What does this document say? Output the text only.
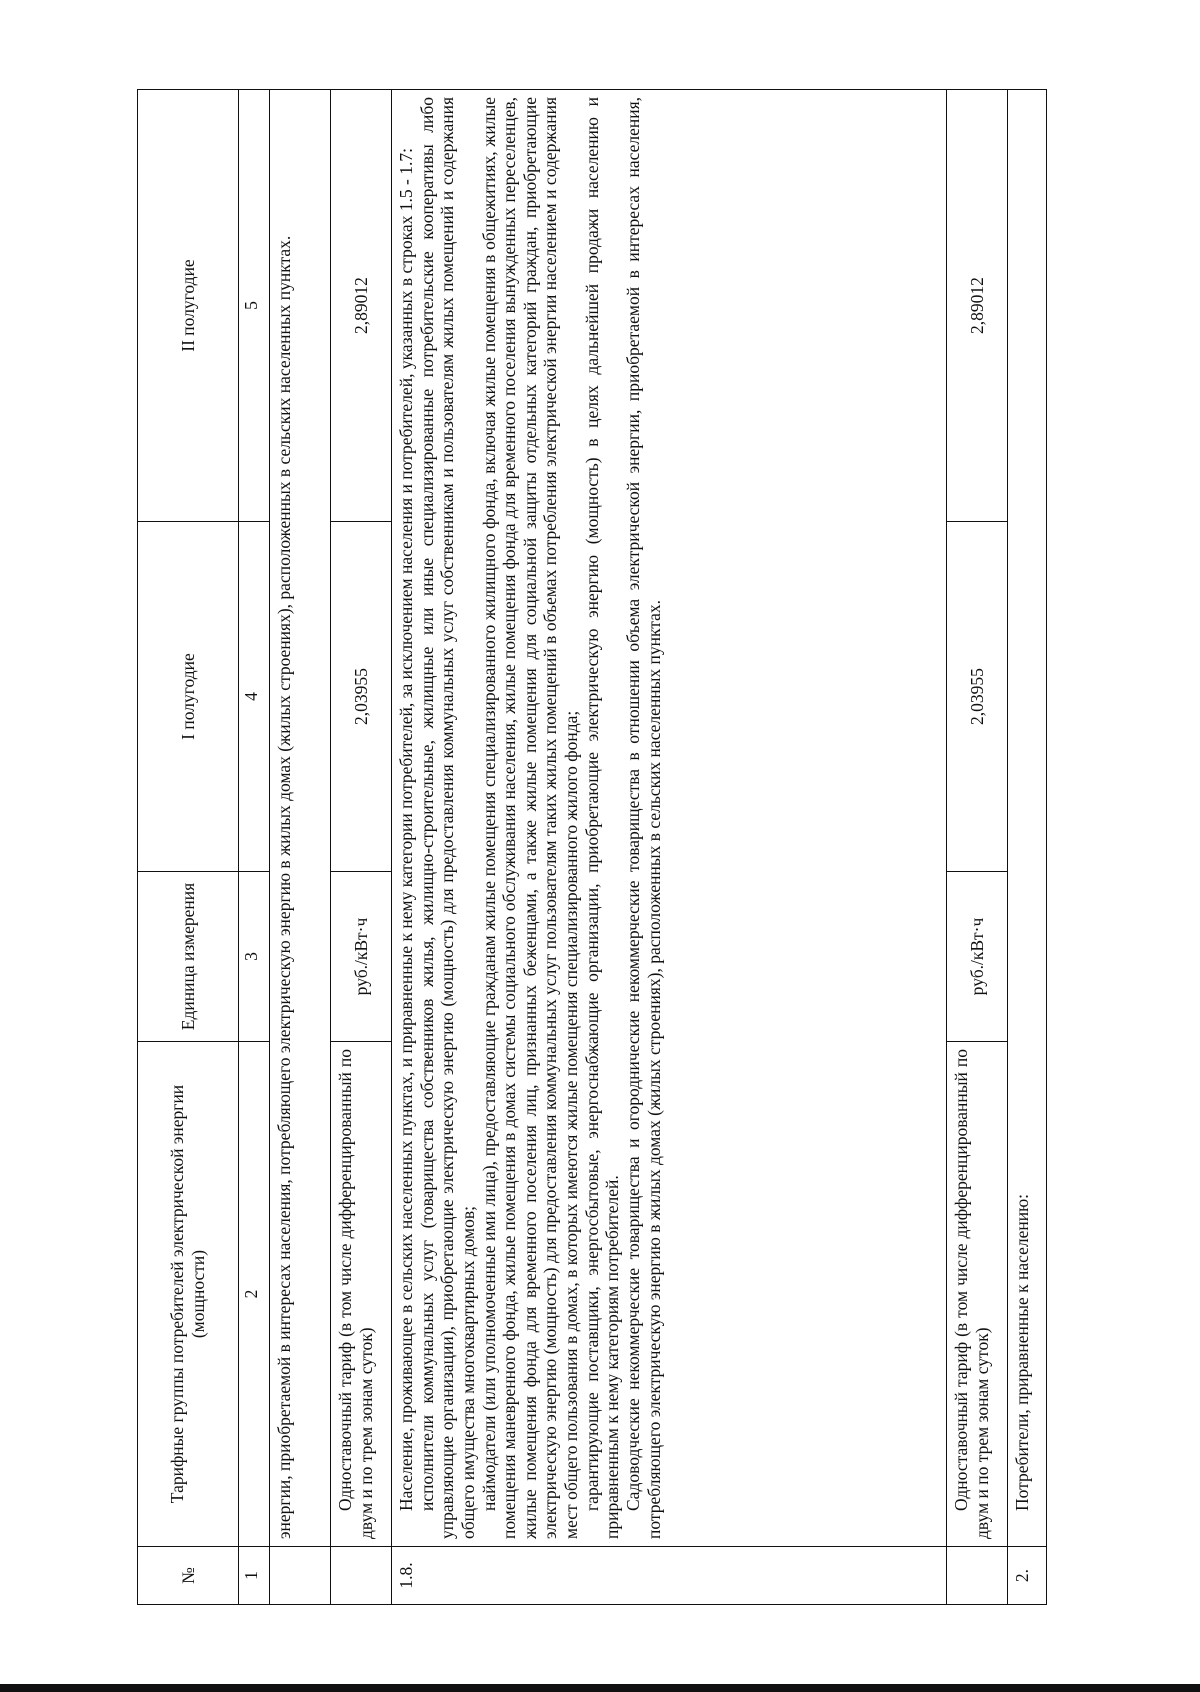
№	Тарифные группы потребителей электрической энергии (мощности)	Единица измерения	I полугодие	II полугодие
1	2	3	4	5
	энергии, приобретаемой в интересах населения, потребляющего электрическую энергию в жилых домах (жилых строениях), расположенных в сельских населенных пунктах.			
	Одноставочный тариф (в том числе дифференцированный по двум и по трем зонам суток)	руб./кВт·ч	2,03955	2,89012
1.8.	Население, проживающее в сельских населенных пунктах, и приравненные к нему категории потребителей, за исключением населения и потребителей, указанных в строках 1.5 - 1.7: исполнители коммунальных услуг (товарищества собственников жилья, жилищно-строительные, жилищные или иные специализированные потребительские кооперативы либо управляющие организации), приобретающие электрическую энергию (мощность) для предоставления коммунальных услуг собственникам и пользователям жилых помещений и содержания общего имущества многоквартирных домов; наймодатели (или уполномоченные ими лица), предоставляющие гражданам жилые помещения специализированного жилищного фонда, включая жилые помещения в общежитиях, жилые помещения маневренного фонда, жилые помещения в домах системы социального обслуживания населения, жилые помещения фонда для временного поселения вынужденных переселенцев, жилые помещения фонда для временного поселения лиц, признанных беженцами, а также жилые помещения для социальной защиты отдельных категорий граждан, приобретающие электрическую энергию (мощность) для предоставления коммунальных услуг пользователям таких жилых помещений в объемах потребления электрической энергии населением и содержания мест общего пользования в домах, в которых имеются жилые помещения специализированного жилого фонда; гарантирующие поставщики, энергосбытовые, энергоснабжающие организации, приобретающие электрическую энергию (мощность) в целях дальнейшей продажи населению и приравненным к нему категориям потребителей. Садоводческие некоммерческие товарищества и огороднические некоммерческие товарищества в отношении объема электрической энергии, приобретаемой в интересах населения, потребляющего электрическую энергию в жилых домах (жилых строениях), расположенных в сельских населенных пунктах.			

	Одноставочный тариф (в том числе дифференцированный по двум и по трем зонам суток)	руб./кВт·ч	2,03955	2,89012
2.	Потребители, приравненные к населению:			
